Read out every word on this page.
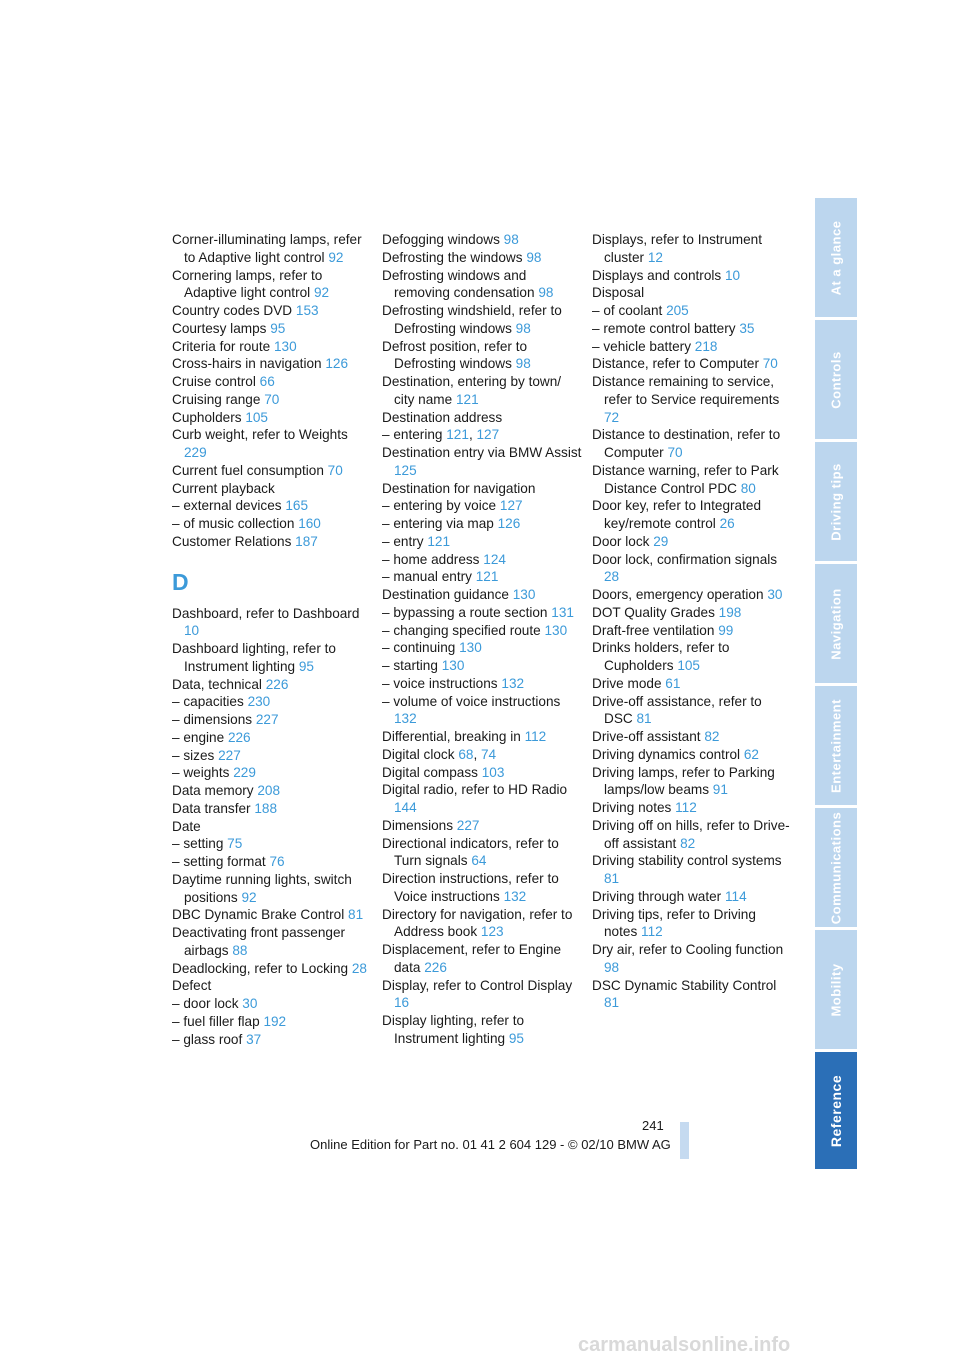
Corner-illuminating lamps, refer to Adaptive light control 92

Cornering lamps, refer to Adaptive light control 92

Country codes DVD 153

Courtesy lamps 95

Criteria for route 130

Cross-hairs in navigation 126

Cruise control 66

Cruising range 70

Cupholders 105

Curb weight, refer to Weights 229

Current fuel consumption 70

Current playback

– external devices 165

– of music collection 160

Customer Relations 187

D

Dashboard, refer to Dashboard 10

Dashboard lighting, refer to Instrument lighting 95

Data, technical 226

– capacities 230

– dimensions 227

– engine 226

– sizes 227

– weights 229

Data memory 208

Data transfer 188

Date

– setting 75

– setting format 76

Daytime running lights, switch positions 92

DBC Dynamic Brake Control 81

Deactivating front passenger airbags 88

Deadlocking, refer to Locking 28

Defect

– door lock 30

– fuel filler flap 192

– glass roof 37

Defogging windows 98

Defrosting the windows 98

Defrosting windows and removing condensation 98

Defrosting windshield, refer to Defrosting windows 98

Defrost position, refer to Defrosting windows 98

Destination, entering by town/ city name 121

Destination address

– entering 121, 127

Destination entry via BMW Assist 125

Destination for navigation

– entering by voice 127

– entering via map 126

– entry 121

– home address 124

– manual entry 121

Destination guidance 130

– bypassing a route section 131

– changing specified route 130

– continuing 130

– starting 130

– voice instructions 132

– volume of voice instructions 132

Differential, breaking in 112

Digital clock 68, 74

Digital compass 103

Digital radio, refer to HD Radio 144

Dimensions 227

Directional indicators, refer to Turn signals 64

Direction instructions, refer to Voice instructions 132

Directory for navigation, refer to Address book 123

Displacement, refer to Engine data 226

Display, refer to Control Display 16

Display lighting, refer to Instrument lighting 95

Displays, refer to Instrument cluster 12

Displays and controls 10

Disposal

– of coolant 205

– remote control battery 35

– vehicle battery 218

Distance, refer to Computer 70

Distance remaining to service, refer to Service requirements 72

Distance to destination, refer to Computer 70

Distance warning, refer to Park Distance Control PDC 80

Door key, refer to Integrated key/remote control 26

Door lock 29

Door lock, confirmation signals 28

Doors, emergency operation 30

DOT Quality Grades 198

Draft-free ventilation 99

Drinks holders, refer to Cupholders 105

Drive mode 61

Drive-off assistance, refer to DSC 81

Drive-off assistant 82

Driving dynamics control 62

Driving lamps, refer to Parking lamps/low beams 91

Driving notes 112

Driving off on hills, refer to Drive-off assistant 82

Driving stability control systems 81

Driving through water 114

Driving tips, refer to Driving notes 112

Dry air, refer to Cooling function 98

DSC Dynamic Stability Control 81

At a glance
Controls
Driving tips
Navigation
Entertainment
Communications
Mobility
Reference
241
Online Edition for Part no. 01 41 2 604 129 - © 02/10 BMW AG
carmanualsonline.info
